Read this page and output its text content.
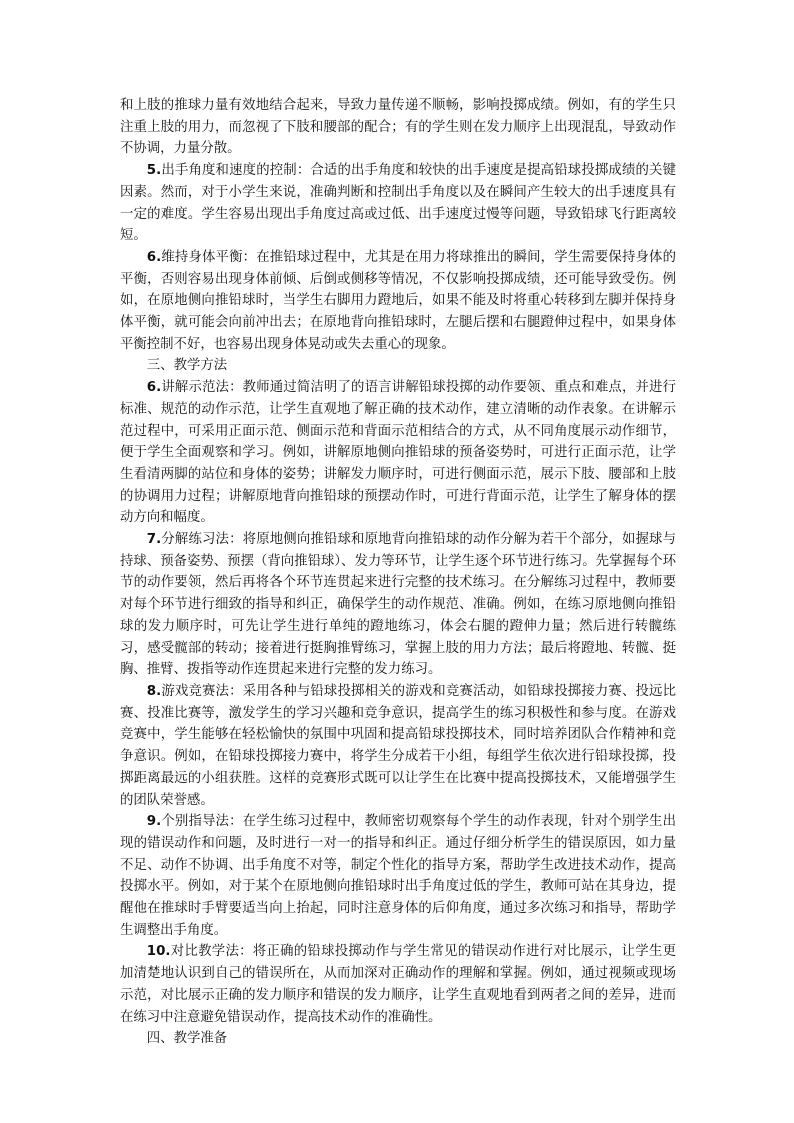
和上肢的推球力量有效地结合起来，导致力量传递不顺畅，影响投掷成绩。例如，有的学生只注重上肢的用力，而忽视了下肢和腰部的配合；有的学生则在发力顺序上出现混乱，导致动作不协调，力量分散。

5.出手角度和速度的控制：合适的出手角度和较快的出手速度是提高铅球投掷成绩的关键因素。然而，对于小学生来说，准确判断和控制出手角度以及在瞬间产生较大的出手速度具有一定的难度。学生容易出现出手角度过高或过低、出手速度过慢等问题，导致铅球飞行距离较短。

6.维持身体平衡：在推铅球过程中，尤其是在用力将球推出的瞬间，学生需要保持身体的平衡，否则容易出现身体前倾、后倒或侧移等情况，不仅影响投掷成绩，还可能导致受伤。例如，在原地侧向推铅球时，当学生右脚用力蹬地后，如果不能及时将重心转移到左脚并保持身体平衡，就可能会向前冲出去；在原地背向推铅球时，左腿后摆和右腿蹬伸过程中，如果身体平衡控制不好，也容易出现身体晃动或失去重心的现象。

三、教学方法

6.讲解示范法：教师通过简洁明了的语言讲解铅球投掷的动作要领、重点和难点，并进行标准、规范的动作示范，让学生直观地了解正确的技术动作，建立清晰的动作表象。在讲解示范过程中，可采用正面示范、侧面示范和背面示范相结合的方式，从不同角度展示动作细节，便于学生全面观察和学习。例如，讲解原地侧向推铅球的预备姿势时，可进行正面示范，让学生看清两脚的站位和身体的姿势；讲解发力顺序时，可进行侧面示范，展示下肢、腰部和上肢的协调用力过程；讲解原地背向推铅球的预摆动作时，可进行背面示范，让学生了解身体的摆动方向和幅度。

7.分解练习法：将原地侧向推铅球和原地背向推铅球的动作分解为若干个部分，如握球与持球、预备姿势、预摆（背向推铅球）、发力等环节，让学生逐个环节进行练习。先掌握每个环节的动作要领，然后再将各个环节连贯起来进行完整的技术练习。在分解练习过程中，教师要对每个环节进行细致的指导和纠正，确保学生的动作规范、准确。例如，在练习原地侧向推铅球的发力顺序时，可先让学生进行单纯的蹬地练习，体会右腿的蹬伸力量；然后进行转髋练习，感受髋部的转动；接着进行挺胸推臂练习，掌握上肢的用力方法；最后将蹬地、转髋、挺胸、推臂、拨指等动作连贯起来进行完整的发力练习。

8.游戏竞赛法：采用各种与铅球投掷相关的游戏和竞赛活动，如铅球投掷接力赛、投远比赛、投准比赛等，激发学生的学习兴趣和竞争意识，提高学生的练习积极性和参与度。在游戏竞赛中，学生能够在轻松愉快的氛围中巩固和提高铅球投掷技术，同时培养团队合作精神和竞争意识。例如，在铅球投掷接力赛中，将学生分成若干小组，每组学生依次进行铅球投掷，投掷距离最远的小组获胜。这样的竞赛形式既可以让学生在比赛中提高投掷技术，又能增强学生的团队荣誉感。

9.个别指导法：在学生练习过程中，教师密切观察每个学生的动作表现，针对个别学生出现的错误动作和问题，及时进行一对一的指导和纠正。通过仔细分析学生的错误原因，如力量不足、动作不协调、出手角度不对等，制定个性化的指导方案，帮助学生改进技术动作，提高投掷水平。例如，对于某个在原地侧向推铅球时出手角度过低的学生，教师可站在其身边，提醒他在推球时手臂要适当向上抬起，同时注意身体的后仰角度，通过多次练习和指导，帮助学生调整出手角度。

10.对比教学法：将正确的铅球投掷动作与学生常见的错误动作进行对比展示，让学生更加清楚地认识到自己的错误所在，从而加深对正确动作的理解和掌握。例如，通过视频或现场示范，对比展示正确的发力顺序和错误的发力顺序，让学生直观地看到两者之间的差异，进而在练习中注意避免错误动作，提高技术动作的准确性。

四、教学准备
